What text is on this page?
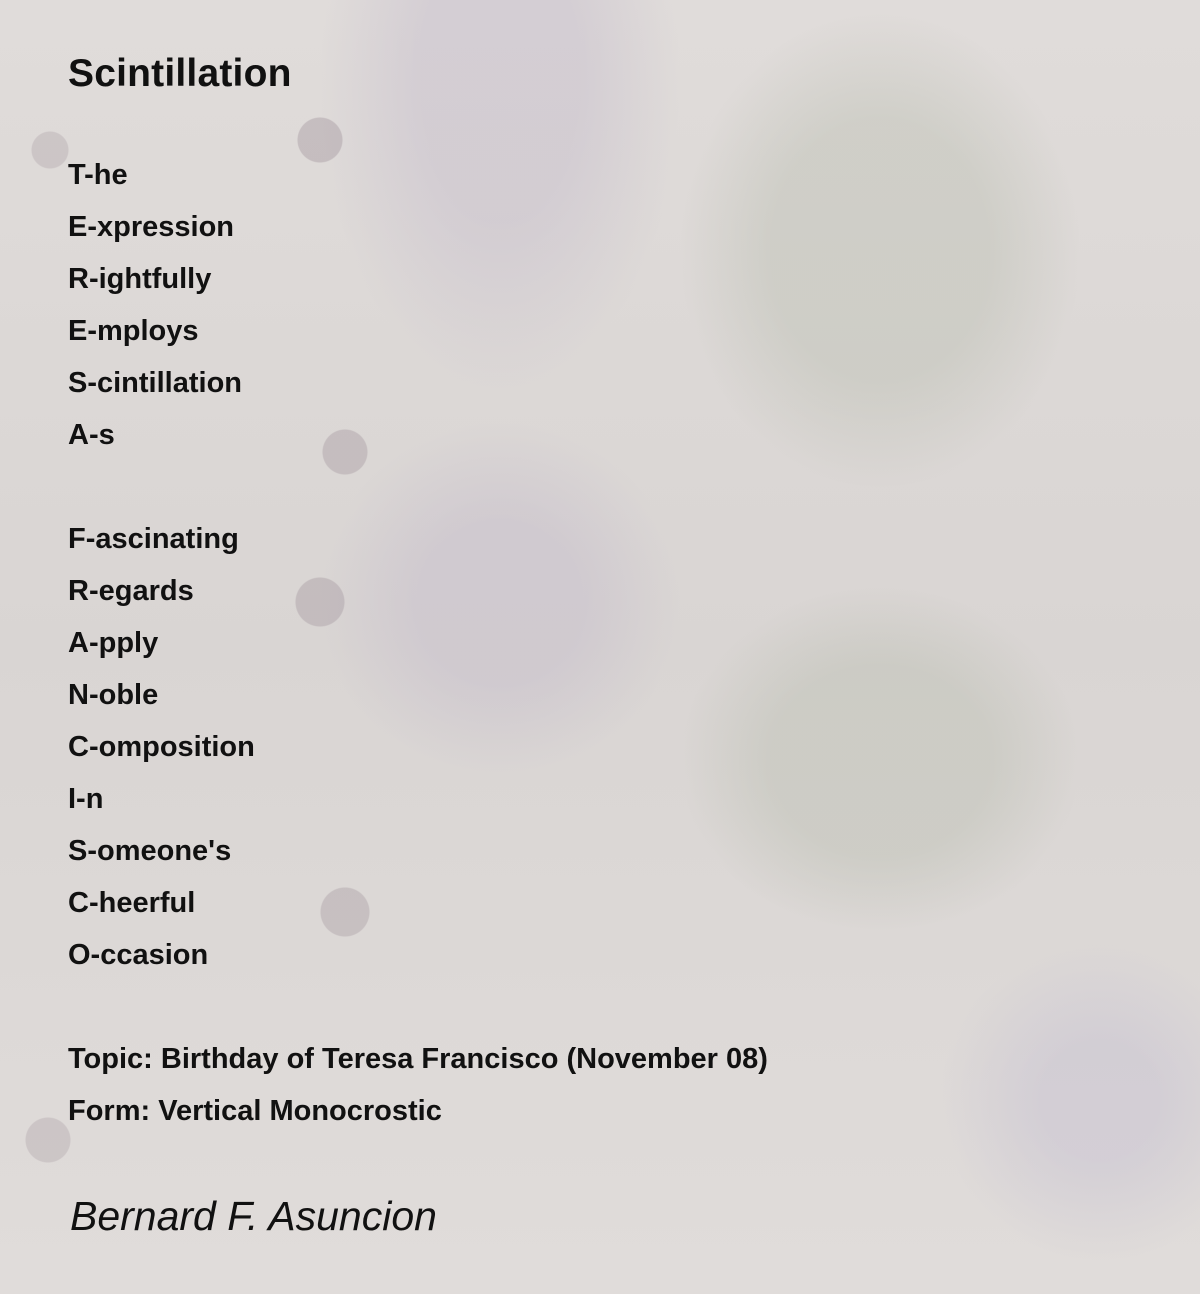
Scintillation
T-he
E-xpression
R-ightfully
E-mploys
S-cintillation
A-s
F-ascinating
R-egards
A-pply
N-oble
C-omposition
I-n
S-omeone's
C-heerful
O-ccasion
Topic: Birthday of Teresa Francisco (November 08)
Form: Vertical Monocrostic

Bernard F. Asuncion
